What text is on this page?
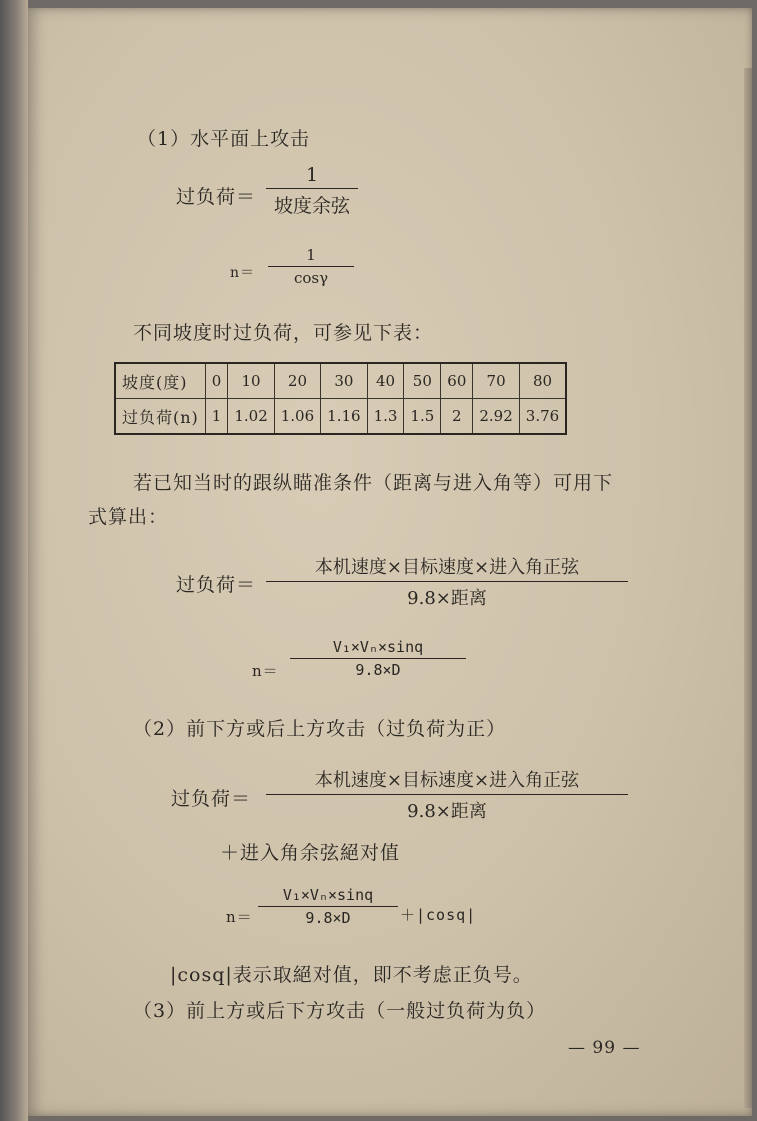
（1）水平面上攻击
过负荷＝
1
坡度余弦
n＝
1
cosγ
不同坡度时过负荷，可参见下表：
坡度(度)	0	10	20	30	40	50	60	70	80
过负荷(n)	1	1.02	1.06	1.16	1.3	1.5	2	2.92	3.76
若已知当时的跟纵瞄准条件（距离与进入角等）可用下
式算出：
过负荷＝
本机速度×目标速度×进入角正弦
9.8×距离
n＝
V₁×Vₙ×sinq
9.8×D
（2）前下方或后上方攻击（过负荷为正）
过负荷＝
本机速度×目标速度×进入角正弦
9.8×距离
＋进入角余弦絕对值
n＝
V₁×Vₙ×sinq
9.8×D	＋|cosq|
|cosq|表示取絕对值，即不考虑正负号。
（3）前上方或后下方攻击（一般过负荷为负）
— 99 —
